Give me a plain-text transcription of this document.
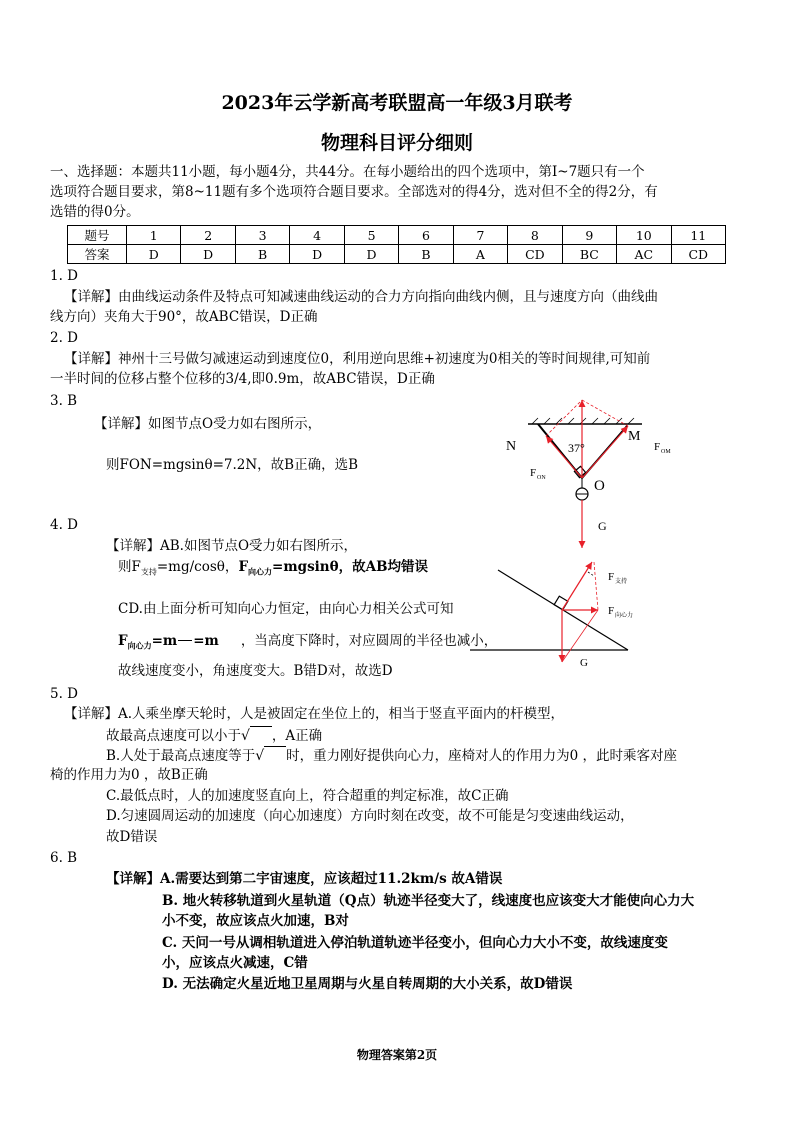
2023年云学新高考联盟高一年级3月联考
物理科目评分细则
一、选择题：本题共11小题，每小题4分，共44分。在每小题给出的四个选项中，第Ⅰ~7题只有一个
选项符合题目要求，第8~11题有多个选项符合题目要求。全部选对的得4分，选对但不全的得2分，有
选错的得0分。
题号	1	2	3	4	5	6	7	8	9	10	11
答案	D	D	B	D	D	B	A	CD	BC	AC	CD
1. D
【详解】由曲线运动条件及特点可知减速曲线运动的合力方向指向曲线内侧，且与速度方向（曲线曲
线方向）夹角大于90°，故ABC错误，D正确
2. D
【详解】神州十三号做匀减速运动到速度位0，利用逆向思维+初速度为0相关的等时间规律,可知前
一半时间的位移占整个位移的3/4,即0.9m，故ABC错误，D正确
3. B
【详解】如图节点O受力如右图所示，
则FON=mgsinθ=7.2N，故B正确，选B
N
M
O
37°	F OM
F ON
G
4. D
【详解】AB.如图节点O受力如右图所示，
则$F_{支持}=mg$/cosθ，$F_{向心力}=mgsin\theta$，故AB均错误
CD.由上面分析可知向心力恒定，由向心力相关公式可知
$F_{向心力}=m =m$ ，当高度下降时，对应圆周的半径也减小，
故线速度变小，角速度变大。B错D对，故选D
F 支持
F 向心力
G
5. D
【详解】A.人乘坐摩天轮时，人是被固定在坐位上的，相当于竖直平面内的杆模型，
故最高点速度可以小于√ ，A正确
B.人处于最高点速度等于√ 时，重力刚好提供向心力，座椅对人的作用力为0 ，此时乘客对座
椅的作用力为0 ，故B正确
C.最低点时，人的加速度竖直向上，符合超重的判定标准，故C正确
D.匀速圆周运动的加速度（向心加速度）方向时刻在改变，故不可能是匀变速曲线运动，
故D错误
6. B
【详解】A.需要达到第二宇宙速度，应该超过11.2km/s 故A错误
B. 地火转移轨道到火星轨道（Q点）轨迹半径变大了，线速度也应该变大才能使向心力大
小不变，故应该点火加速，B对
C. 天问一号从调相轨道进入停泊轨道轨迹半径变小，但向心力大小不变，故线速度变
小，应该点火减速，C错
D. 无法确定火星近地卫星周期与火星自转周期的大小关系，故D错误
物理答案第2页
